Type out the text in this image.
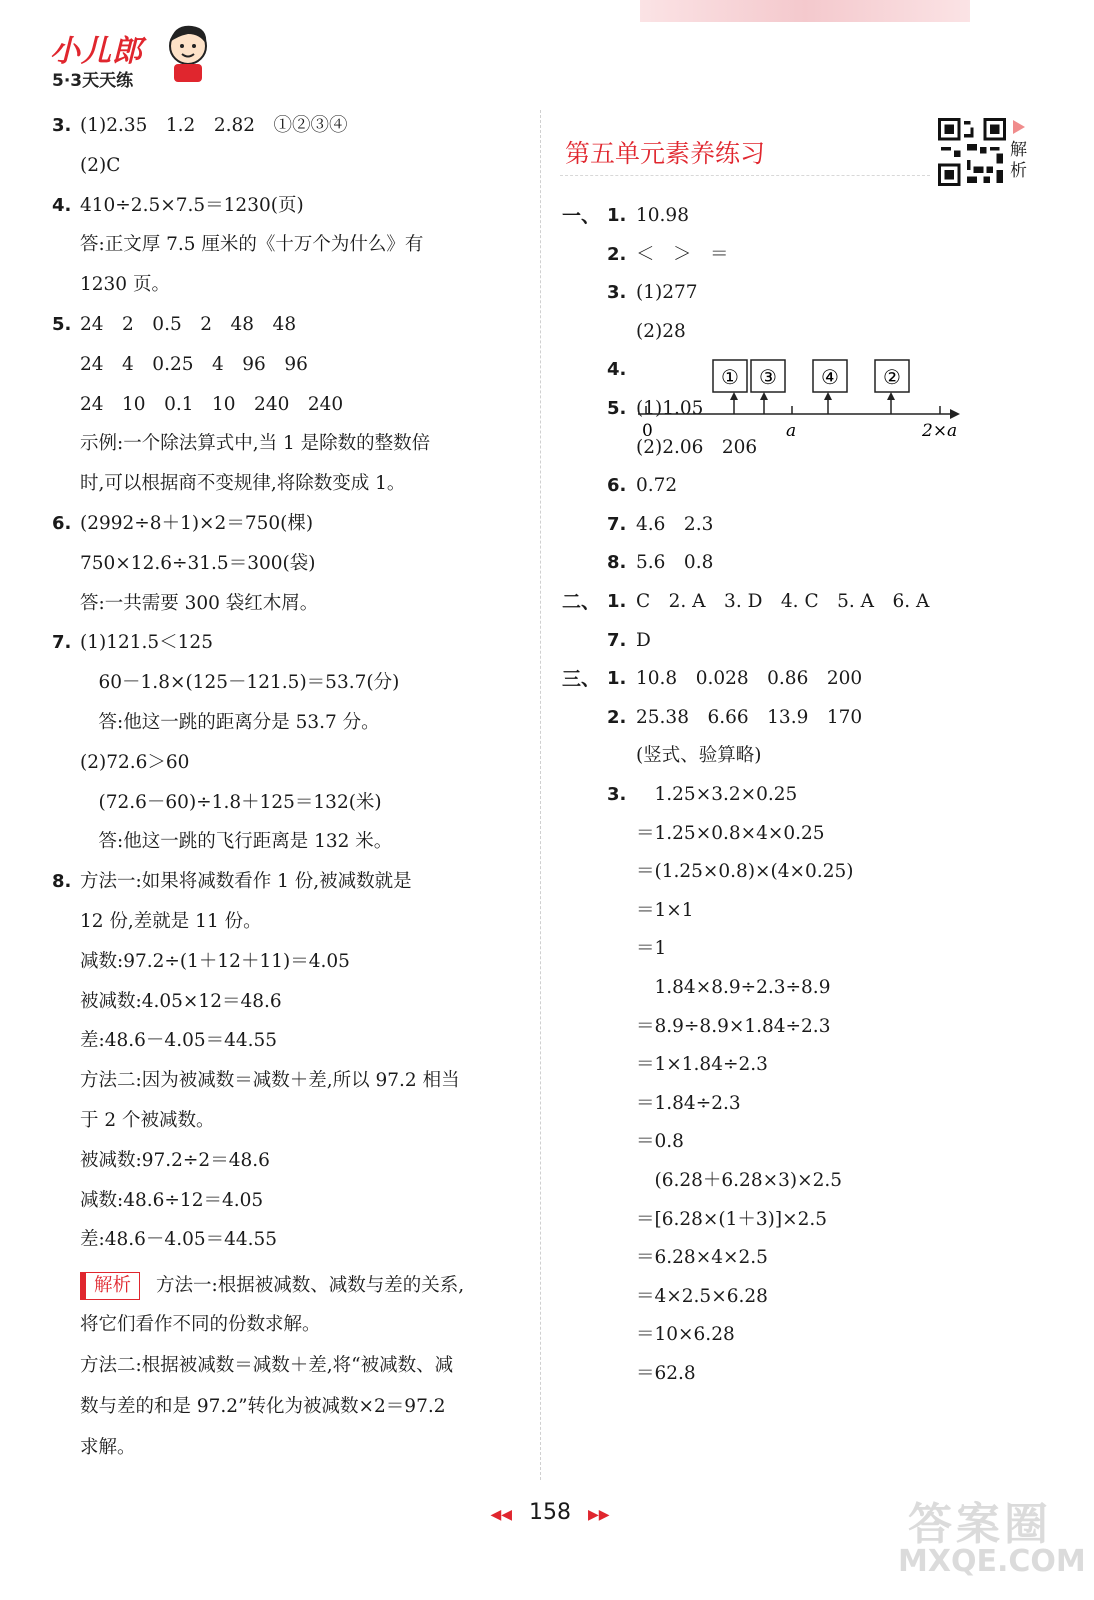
小儿郎
5·3天天练
3. (1)2.35　1.2　2.82　①②③④
(2)C
4. 410÷2.5×7.5＝1230(页)
答:正文厚 7.5 厘米的《十万个为什么》有
1230 页。
5. 24　2　0.5　2　48　48
24　4　0.25　4　96　96
24　10　0.1　10　240　240
示例:一个除法算式中,当 1 是除数的整数倍
时,可以根据商不变规律,将除数变成 1。
6. (2992÷8＋1)×2＝750(棵)
750×12.6÷31.5＝300(袋)
答:一共需要 300 袋红木屑。
7. (1)121.5＜125
　60－1.8×(125－121.5)＝53.7(分)
　答:他这一跳的距离分是 53.7 分。
(2)72.6＞60
　(72.6－60)÷1.8＋125＝132(米)
　答:他这一跳的飞行距离是 132 米。
8. 方法一:如果将减数看作 1 份,被减数就是
12 份,差就是 11 份。
减数:97.2÷(1＋12＋11)＝4.05
被减数:4.05×12＝48.6
差:48.6－4.05＝44.55
方法二:因为被减数＝减数＋差,所以 97.2 相当
于 2 个被减数。
被减数:97.2÷2＝48.6
减数:48.6÷12＝4.05
差:48.6－4.05＝44.55
解析 方法一:根据被减数、减数与差的关系,
将它们看作不同的份数求解。
方法二:根据被减数＝减数＋差,将“被减数、减
数与差的和是 97.2”转化为被减数×2＝97.2
求解。
第五单元素养练习	解析
一、 1. 10.98
2. ＜　＞　＝
3. (1)277
(2)28
4.
5. (1)1.05
(2)2.06　206
6. 0.72
7. 4.6　2.3
8. 5.6　0.8
二、 1. C　2. A　3. D　4. C　5. A　6. A
7. D
三、 1. 10.8　0.028　0.86　200
2. 25.38　6.66　13.9　170
(竖式、验算略)
3. 　1.25×3.2×0.25
＝1.25×0.8×4×0.25
＝(1.25×0.8)×(4×0.25)
＝1×1
＝1
　1.84×8.9÷2.3÷8.9
＝8.9÷8.9×1.84÷2.3
＝1×1.84÷2.3
＝1.84÷2.3
＝0.8
　(6.28＋6.28×3)×2.5
＝[6.28×(1＋3)]×2.5
＝6.28×4×2.5
＝4×2.5×6.28
＝10×6.28
＝62.8
① ③ ④ ②
0	a	2×a
◀◀ 158 ▶▶	答案圈
MXQE.COM
